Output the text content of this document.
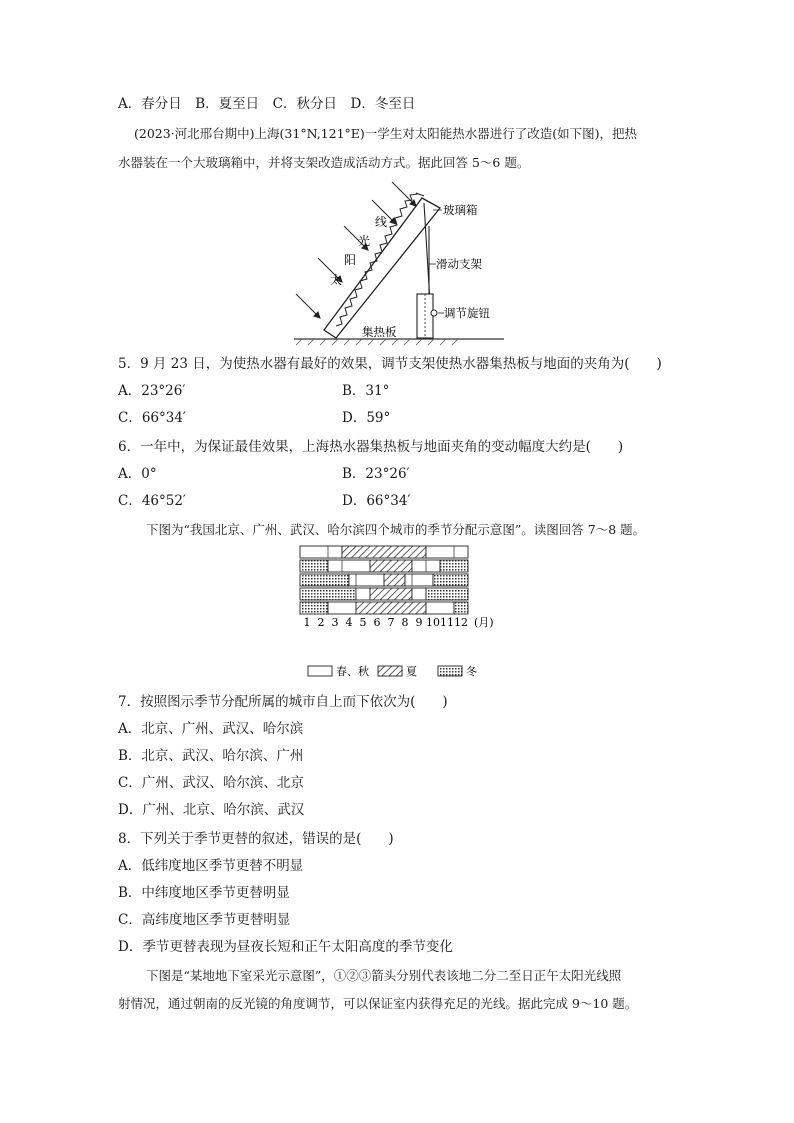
A．春分日　B．夏至日　C．秋分日　D．冬至日
(2023·河北邢台期中)上海(31°N,121°E)一学生对太阳能热水器进行了改造(如下图)，把热
水器装在一个大玻璃箱中，并将支架改造成活动方式。据此回答 5～6 题。
玻璃箱
滑动支架
调节旋钮
集热板
线
光
阳
太
5．9 月 23 日，为使热水器有最好的效果，调节支架使热水器集热板与地面的夹角为(　　)
A．23°26′	B．31°
C．66°34′	D．59°
6．一年中，为保证最佳效果，上海热水器集热板与地面夹角的变动幅度大约是(　　)
A．0°	B．23°26′
C．46°52′	D．66°34′
下图为“我国北京、广州、武汉、哈尔滨四个城市的季节分配示意图”。读图回答 7～8 题。
1 2 3 4 5 6 7 8 9 10 11 12 (月)
春、秋	夏	冬
7．按照图示季节分配所属的城市自上而下依次为(　　)
A．北京、广州、武汉、哈尔滨
B．北京、武汉、哈尔滨、广州
C．广州、武汉、哈尔滨、北京
D．广州、北京、哈尔滨、武汉
8．下列关于季节更替的叙述，错误的是(　　)
A．低纬度地区季节更替不明显
B．中纬度地区季节更替明显
C．高纬度地区季节更替明显
D．季节更替表现为昼夜长短和正午太阳高度的季节变化
下图是“某地地下室采光示意图”，①②③箭头分别代表该地二分二至日正午太阳光线照
射情况，通过朝南的反光镜的角度调节，可以保证室内获得充足的光线。据此完成 9～10 题。
